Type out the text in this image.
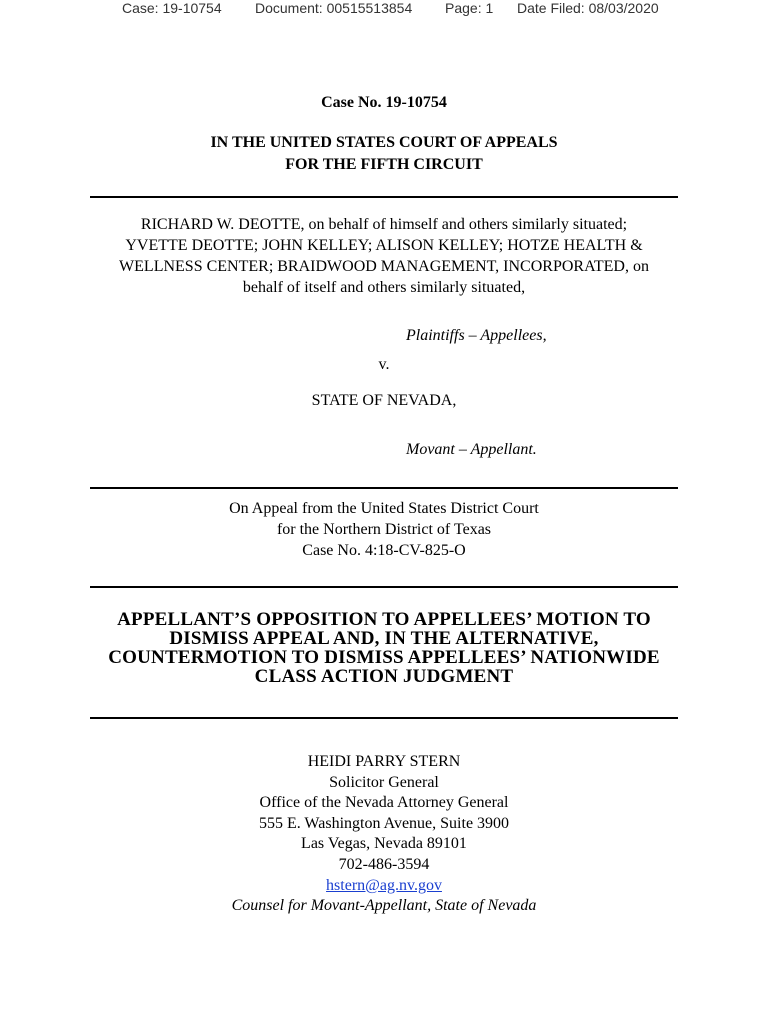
Case: 19-10754 Document: 00515513854 Page: 1 Date Filed: 08/03/2020
Case No. 19-10754
IN THE UNITED STATES COURT OF APPEALS
FOR THE FIFTH CIRCUIT
RICHARD W. DEOTTE, on behalf of himself and others similarly situated;
YVETTE DEOTTE; JOHN KELLEY; ALISON KELLEY; HOTZE HEALTH &
WELLNESS CENTER; BRAIDWOOD MANAGEMENT, INCORPORATED, on
behalf of itself and others similarly situated,
Plaintiffs – Appellees,
v.
STATE OF NEVADA,
Movant – Appellant.
On Appeal from the United States District Court
for the Northern District of Texas
Case No. 4:18-CV-825-O
APPELLANT’S OPPOSITION TO APPELLEES’ MOTION TO
DISMISS APPEAL AND, IN THE ALTERNATIVE,
COUNTERMOTION TO DISMISS APPELLEES’ NATIONWIDE
CLASS ACTION JUDGMENT
HEIDI PARRY STERN
Solicitor General
Office of the Nevada Attorney General
555 E. Washington Avenue, Suite 3900
Las Vegas, Nevada 89101
702-486-3594
hstern@ag.nv.gov
Counsel for Movant-Appellant, State of Nevada
